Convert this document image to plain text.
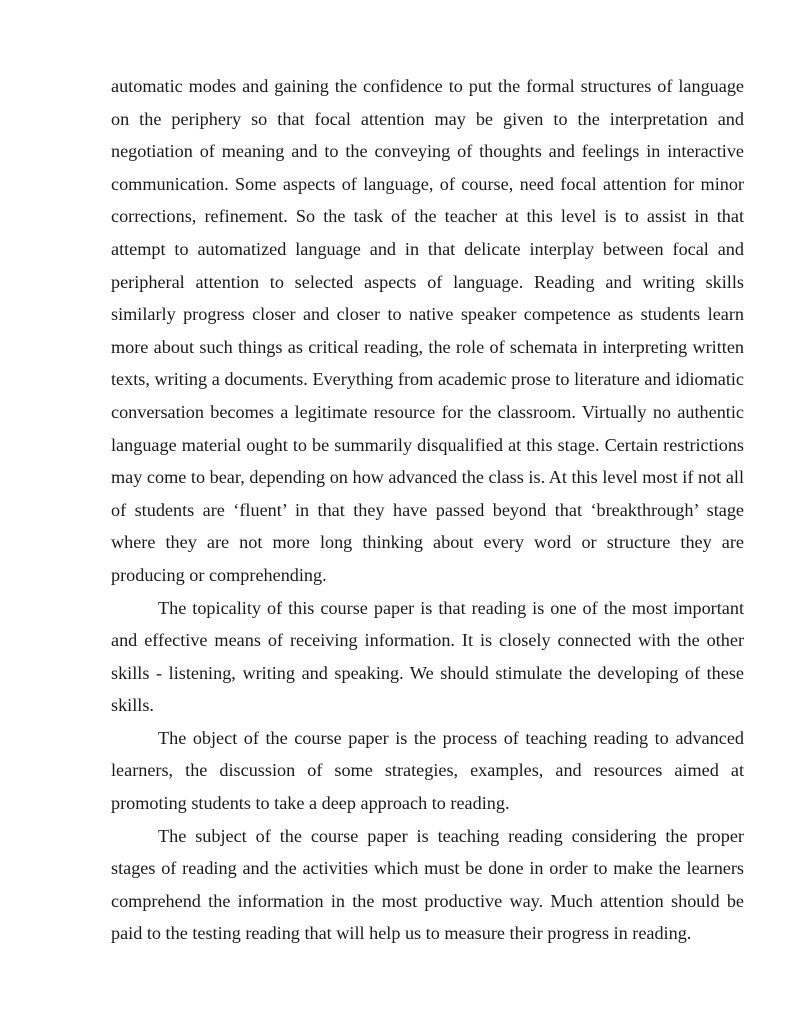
automatic modes and gaining the confidence to put the formal structures of language on the periphery so that focal attention may be given to the interpretation and negotiation of meaning and to the conveying of thoughts and feelings in interactive communication. Some aspects of language, of course, need focal attention for minor corrections, refinement. So the task of the teacher at this level is to assist in that attempt to automatized language and in that delicate interplay between focal and peripheral attention to selected aspects of language. Reading and writing skills similarly progress closer and closer to native speaker competence as students learn more about such things as critical reading, the role of schemata in interpreting written texts, writing a documents. Everything from academic prose to literature and idiomatic conversation becomes a legitimate resource for the classroom. Virtually no authentic language material ought to be summarily disqualified at this stage. Certain restrictions may come to bear, depending on how advanced the class is. At this level most if not all of students are ‘fluent’ in that they have passed beyond that ‘breakthrough’ stage where they are not more long thinking about every word or structure they are producing or comprehending.

The topicality of this course paper is that reading is one of the most important and effective means of receiving information. It is closely connected with the other skills - listening, writing and speaking. We should stimulate the developing of these skills.

The object of the course paper is the process of teaching reading to advanced learners, the discussion of some strategies, examples, and resources aimed at promoting students to take a deep approach to reading.

The subject of the course paper is teaching reading considering the proper stages of reading and the activities which must be done in order to make the learners comprehend the information in the most productive way. Much attention should be paid to the testing reading that will help us to measure their progress in reading.
